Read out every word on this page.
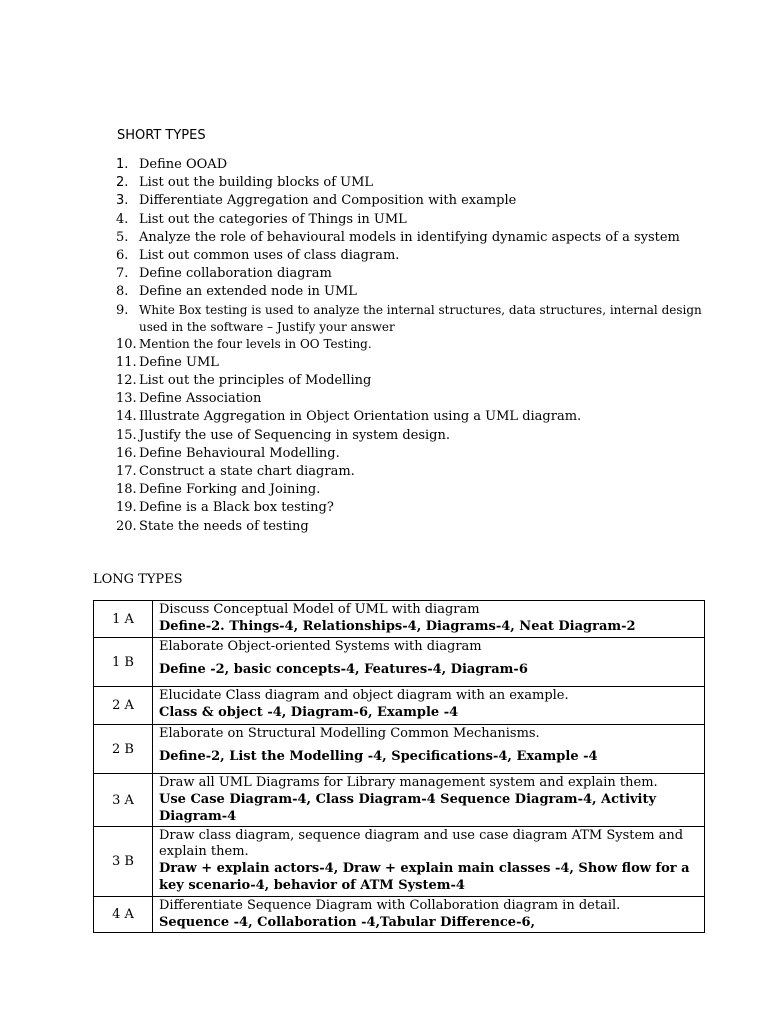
SHORT TYPES
1. Define OOAD
2. List out the building blocks of UML
3. Differentiate Aggregation and Composition with example
4. List out the categories of Things in UML
5. Analyze the role of behavioural models in identifying dynamic aspects of a system
6. List out common uses of class diagram.
7. Define collaboration diagram
8. Define an extended node in UML
9. White Box testing is used to analyze the internal structures, data structures, internal design used in the software – Justify your answer
10. Mention the four levels in OO Testing.
11. Define UML
12. List out the principles of Modelling
13. Define Association
14. Illustrate Aggregation in Object Orientation using a UML diagram.
15. Justify the use of Sequencing in system design.
16. Define Behavioural Modelling.
17. Construct a state chart diagram.
18. Define Forking and Joining.
19. Define is a Black box testing?
20. State the needs of testing
LONG TYPES
1 A	Discuss Conceptual Model of UML with diagram
Define-2. Things-4, Relationships-4, Diagrams-4, Neat Diagram-2

1 B	Elaborate Object-oriented Systems with diagram
Define -2, basic concepts-4, Features-4, Diagram-6

2 A	Elucidate Class diagram and object diagram with an example.
Class & object -4, Diagram-6, Example -4

2 B	Elaborate on Structural Modelling Common Mechanisms.
Define-2, List the Modelling -4, Specifications-4, Example -4

3 A	Draw all UML Diagrams for Library management system and explain them.
Use Case Diagram-4, Class Diagram-4 Sequence Diagram-4, Activity Diagram-4

3 B	Draw class diagram, sequence diagram and use case diagram ATM System and explain them.
Draw + explain actors-4, Draw + explain main classes -4, Show flow for a key scenario-4, behavior of ATM System-4

4 A	Differentiate Sequence Diagram with Collaboration diagram in detail.
Sequence -4, Collaboration -4,Tabular Difference-6,
